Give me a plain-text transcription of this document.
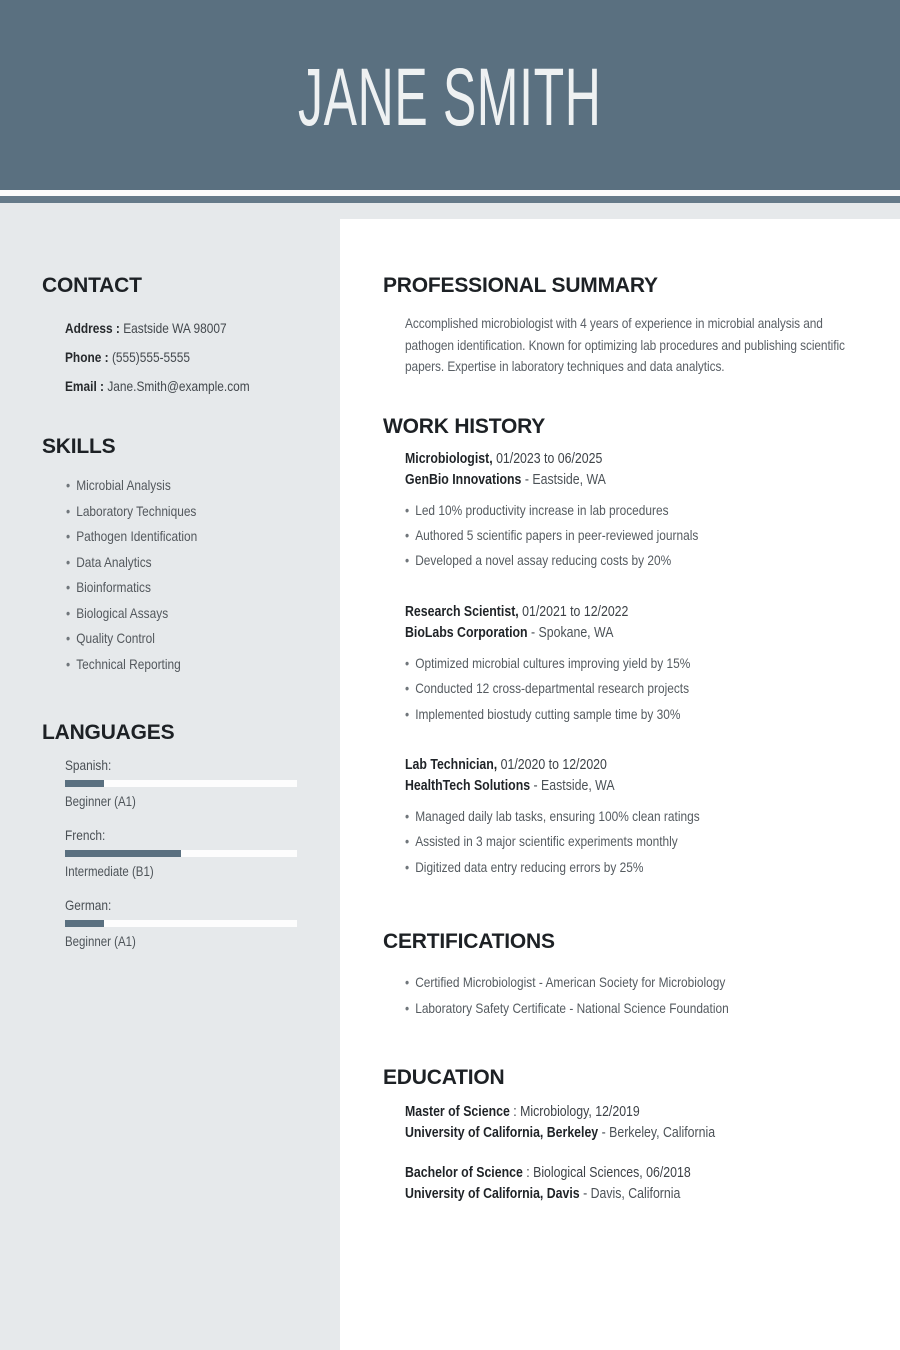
JANE SMITH
CONTACT
Address : Eastside WA 98007
Phone : (555)555-5555
Email : Jane.Smith@example.com
SKILLS
• Microbial Analysis
• Laboratory Techniques
• Pathogen Identification
• Data Analytics
• Bioinformatics
• Biological Assays
• Quality Control
• Technical Reporting
LANGUAGES
Spanish:
Beginner (A1)
French:
Intermediate (B1)
German:
Beginner (A1)
PROFESSIONAL SUMMARY

Accomplished microbiologist with 4 years of experience in microbial analysis and pathogen identification. Known for optimizing lab procedures and publishing scientific papers. Expertise in laboratory techniques and data analytics.

WORK HISTORY
Microbiologist, 01/2023 to 06/2025
GenBio Innovations - Eastside, WA
• Led 10% productivity increase in lab procedures
• Authored 5 scientific papers in peer-reviewed journals
• Developed a novel assay reducing costs by 20%
Research Scientist, 01/2021 to 12/2022
BioLabs Corporation - Spokane, WA
• Optimized microbial cultures improving yield by 15%
• Conducted 12 cross-departmental research projects
• Implemented biostudy cutting sample time by 30%
Lab Technician, 01/2020 to 12/2020
HealthTech Solutions - Eastside, WA
• Managed daily lab tasks, ensuring 100% clean ratings
• Assisted in 3 major scientific experiments monthly
• Digitized data entry reducing errors by 25%
CERTIFICATIONS
• Certified Microbiologist - American Society for Microbiology
• Laboratory Safety Certificate - National Science Foundation
EDUCATION
Master of Science : Microbiology, 12/2019
University of California, Berkeley - Berkeley, California
Bachelor of Science : Biological Sciences, 06/2018
University of California, Davis - Davis, California
